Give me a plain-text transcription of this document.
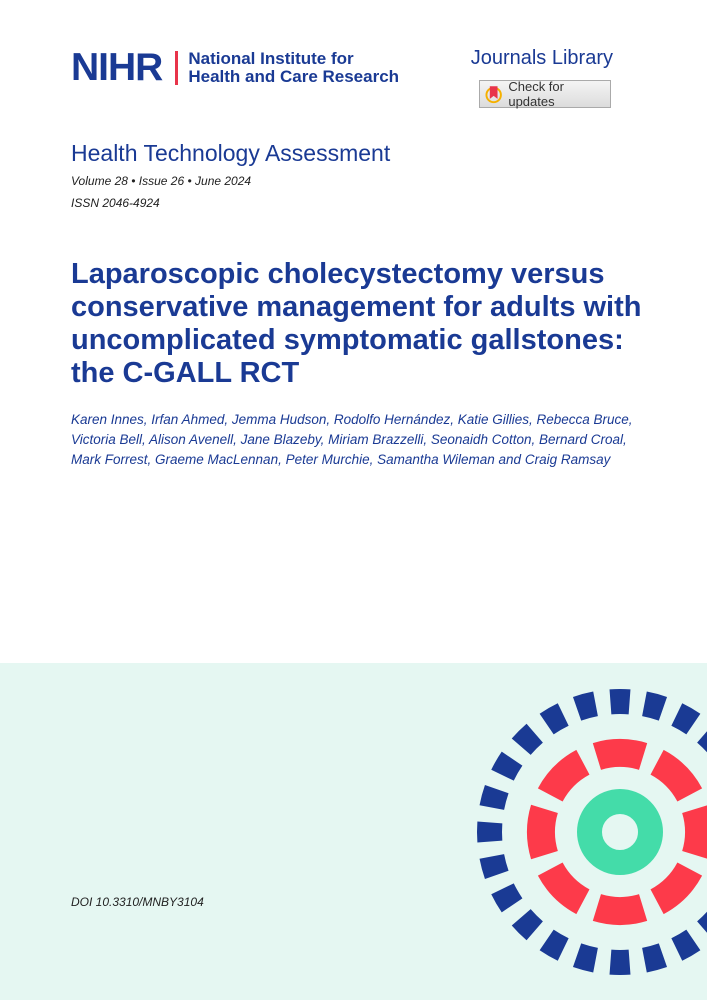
NIHR National Institute for
Health and Care Research
Journals Library
Check for updates
Health Technology Assessment
Volume 28 • Issue 26 • June 2024
ISSN 2046-4924
Laparoscopic cholecystectomy versus conservative management for adults with uncomplicated symptomatic gallstones: the C-GALL RCT
Karen Innes, Irfan Ahmed, Jemma Hudson, Rodolfo Hernández, Katie Gillies, Rebecca Bruce, Victoria Bell, Alison Avenell, Jane Blazeby, Miriam Brazzelli, Seonaidh Cotton, Bernard Croal, Mark Forrest, Graeme MacLennan, Peter Murchie, Samantha Wileman and Craig Ramsay
DOI 10.3310/MNBY3104
